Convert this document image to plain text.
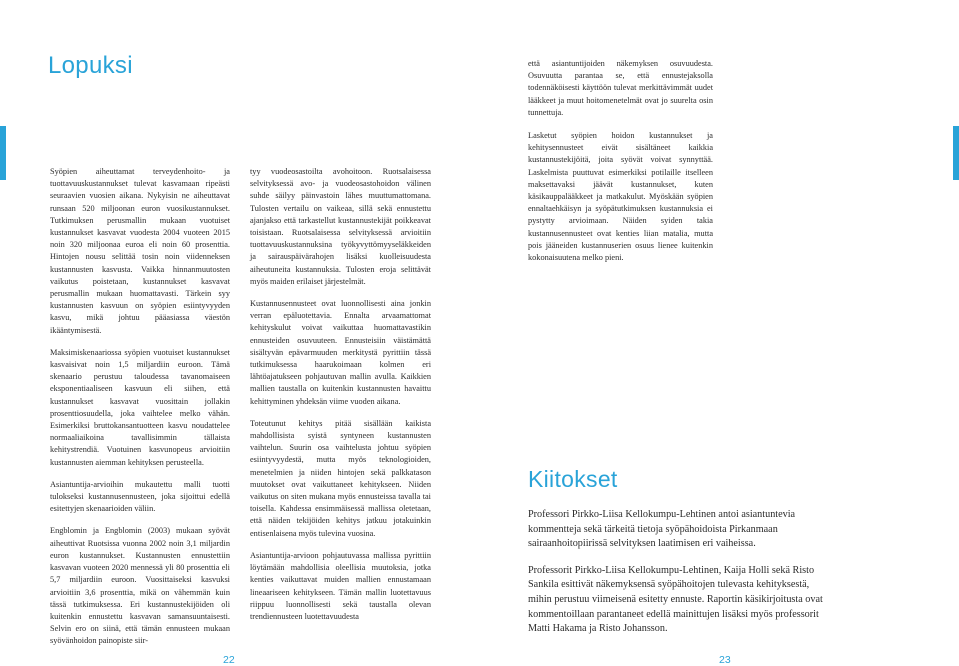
Lopuksi

Syöpien aiheuttamat terveydenhoito- ja tuottavuuskustannukset tulevat kasvamaan ripeästi seuraavien vuosien aikana. Nykyisin ne aiheuttavat runsaan 520 miljoonan euron vuosikustannukset. Tutkimuksen perusmallin mukaan vuotuiset kustannukset kasvavat vuodesta 2004 vuoteen 2015 noin 320 miljoonaa euroa eli noin 60 prosenttia. Hintojen nousu selittää tosin noin viidenneksen kustannusten kasvusta. Vaikka hinnanmuutosten vaikutus poistetaan, kustannukset kasvavat perusmallin mukaan huomattavasti. Tärkein syy kustannusten kasvuun on syöpien esiintyvyyden kasvu, mikä johtuu pääasiassa väestön ikääntymisestä.

Maksimiskenaariossa syöpien vuotuiset kustannukset kasvaisivat noin 1,5 miljardiin euroon. Tämä skenaario perustuu taloudessa tavanomaiseen eksponentiaaliseen kasvuun eli siihen, että kustannukset kasvavat vuosittain jollakin prosenttiosuudella, joka vaihtelee melko vähän. Esimerkiksi bruttokansantuotteen kasvu noudattelee normaaliaikoina tavallisimmin tällaista kehitystrendiä. Vuotuinen kasvunopeus arvioitiin kustannusten aiemman kehityksen perusteella.

Asiantuntija-arvioihin mukautettu malli tuotti tulokseksi kustannusennusteen, joka sijoittui edellä esitettyjen skenaarioiden väliin.

Engblomin ja Engblomin (2003) mukaan syövät aiheuttivat Ruotsissa vuonna 2002 noin 3,1 miljardin euron kustannukset. Kustannusten ennustettiin kasvavan vuoteen 2020 mennessä yli 80 prosenttia eli 5,7 miljardiin euroon. Vuosittaiseksi kasvuksi arvioitiin 3,6 prosenttia, mikä on vähemmän kuin tässä tutkimuksessa. Eri kustannustekijöiden oli kuitenkin ennustettu kasvavan samansuuntaisesti. Selvin ero on siinä, että tämän ennusteen mukaan syövänhoidon painopiste siir-

tyy vuodeosastoilta avohoitoon. Ruotsalaisessa selvityksessä avo- ja vuodeosastohoidon välinen suhde säilyy päinvastoin lähes muuttumattomana. Tulosten vertailu on vaikeaa, sillä sekä ennustettu ajanjakso että tarkastellut kustannustekijät poikkeavat toisistaan. Ruotsalaisessa selvityksessä arvioitiin tuottavuuskustannuksina työkyvyttömyyseläkkeiden ja sairauspäivärahojen lisäksi kuolleisuudesta aiheutuneita kustannuksia. Tulosten eroja selittävät myös maiden erilaiset järjestelmät.

Kustannusennusteet ovat luonnollisesti aina jonkin verran epäluotettavia. Ennalta arvaamattomat kehityskulut voivat vaikuttaa huomattavastikin ennusteiden osuvuuteen. Ennusteisiin väistämättä sisältyvän epävarmuuden merkitystä pyrittiin tässä tutkimuksessa haarukoimaan kolmen eri lähtöajatukseen pohjautuvan mallin avulla. Kaikkien mallien taustalla on kuitenkin kustannusten havaittu kehittyminen yhdeksän viime vuoden aikana.

Toteutunut kehitys pitää sisällään kaikista mahdollisista syistä syntyneen kustannusten vaihtelun. Suurin osa vaihtelusta johtuu syöpien esiintyvyydestä, mutta myös teknologioiden, menetelmien ja niiden hintojen sekä palkkatason muutokset ovat vaikuttaneet kehitykseen. Niiden vaikutus on siten mukana myös ennusteissa tavalla tai toisella. Kahdessa ensimmäisessä mallissa oletetaan, että näiden tekijöiden kehitys jatkuu jotakuinkin entisenlaisena myös tulevina vuosina.

Asiantuntija-arvioon pohjautuvassa mallissa pyrittiin löytämään mahdollisia oleellisia muutoksia, jotka kenties vaikuttavat muiden mallien ennustamaan lineaariseen kehitykseen. Tämän mallin luotettavuus riippuu luonnollisesti sekä taustalla olevan trendiennusteen luotettavuudesta

että asiantuntijoiden näkemyksen osuvuudesta. Osuvuutta parantaa se, että ennustejaksolla todennäköisesti käyttöön tulevat merkittävimmät uudet lääkkeet ja muut hoitomenetelmät ovat jo suurelta osin tunnettuja.

Lasketut syöpien hoidon kustannukset ja kehitysennusteet eivät sisältäneet kaikkia kustannustekijöitä, joita syövät voivat synnyttää. Laskelmista puuttuvat esimerkiksi potilaille itselleen maksettavaksi jäävät kustannukset, kuten käsikauppalääkkeet ja matkakulut. Myöskään syöpien ennaltaehkäisyn ja syöpätutkimuksen kustannuksia ei pystytty arvioimaan. Näiden syiden takia kustannusennusteet ovat kenties liian matalia, mutta pois jääneiden kustannuserien osuus lienee kuitenkin kokonaisuutena melko pieni.

Kiitokset

Professori Pirkko-Liisa Kellokumpu-Lehtinen antoi asiantuntevia kommentteja sekä tärkeitä tietoja syöpähoidoista Pirkanmaan sairaanhoitopiirissä selvityksen laatimisen eri vaiheissa.

Professorit Pirkko-Liisa Kellokumpu-Lehtinen, Kaija Holli sekä Risto Sankila esittivät näkemyksensä syöpähoitojen tulevasta kehityksestä, mihin perustuu viimeisenä esitetty ennuste. Raportin käsikirjoitusta ovat kommentoillaan parantaneet edellä mainittujen lisäksi myös professorit Matti Hakama ja Risto Johansson.

22	23
